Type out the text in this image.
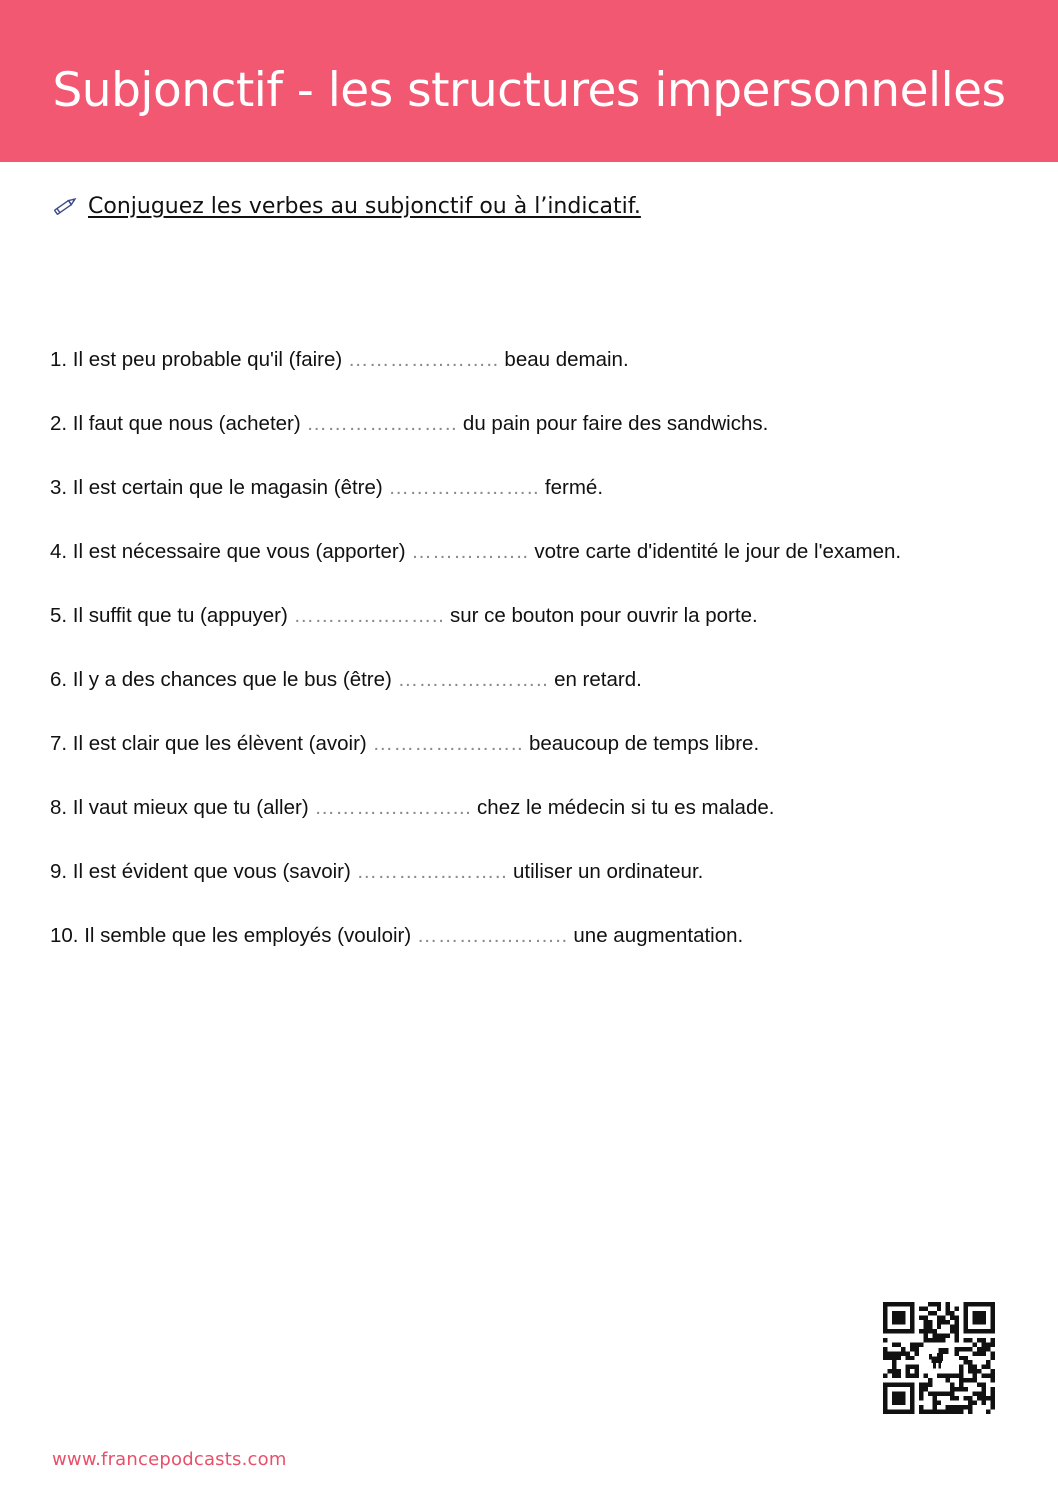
Subjonctif - les structures impersonnelles
Conjuguez les verbes au subjonctif ou à l’indicatif.
1. Il est peu probable qu'il (faire) …………..…….. beau demain.
2. Il faut que nous (acheter) …………..…….. du pain pour faire des sandwichs.
3. Il est certain que le magasin (être) …………..…….. fermé.
4. Il est nécessaire que vous (apporter) …………….. votre carte d'identité le jour de l'examen.
5. Il suffit que tu (appuyer) …………..…….. sur ce bouton pour ouvrir la porte.
6. Il y a des chances que le bus (être) …………..…….. en retard.
7. Il est clair que les élèvent (avoir) …………..…….. beaucoup de temps libre.
8. Il vaut mieux que tu (aller) …………..……... chez le médecin si tu es malade.
9. Il est évident que vous (savoir) …………..…….. utiliser un ordinateur.
10. Il semble que les employés (vouloir) …………..…….. une augmentation.
www.francepodcasts.com
